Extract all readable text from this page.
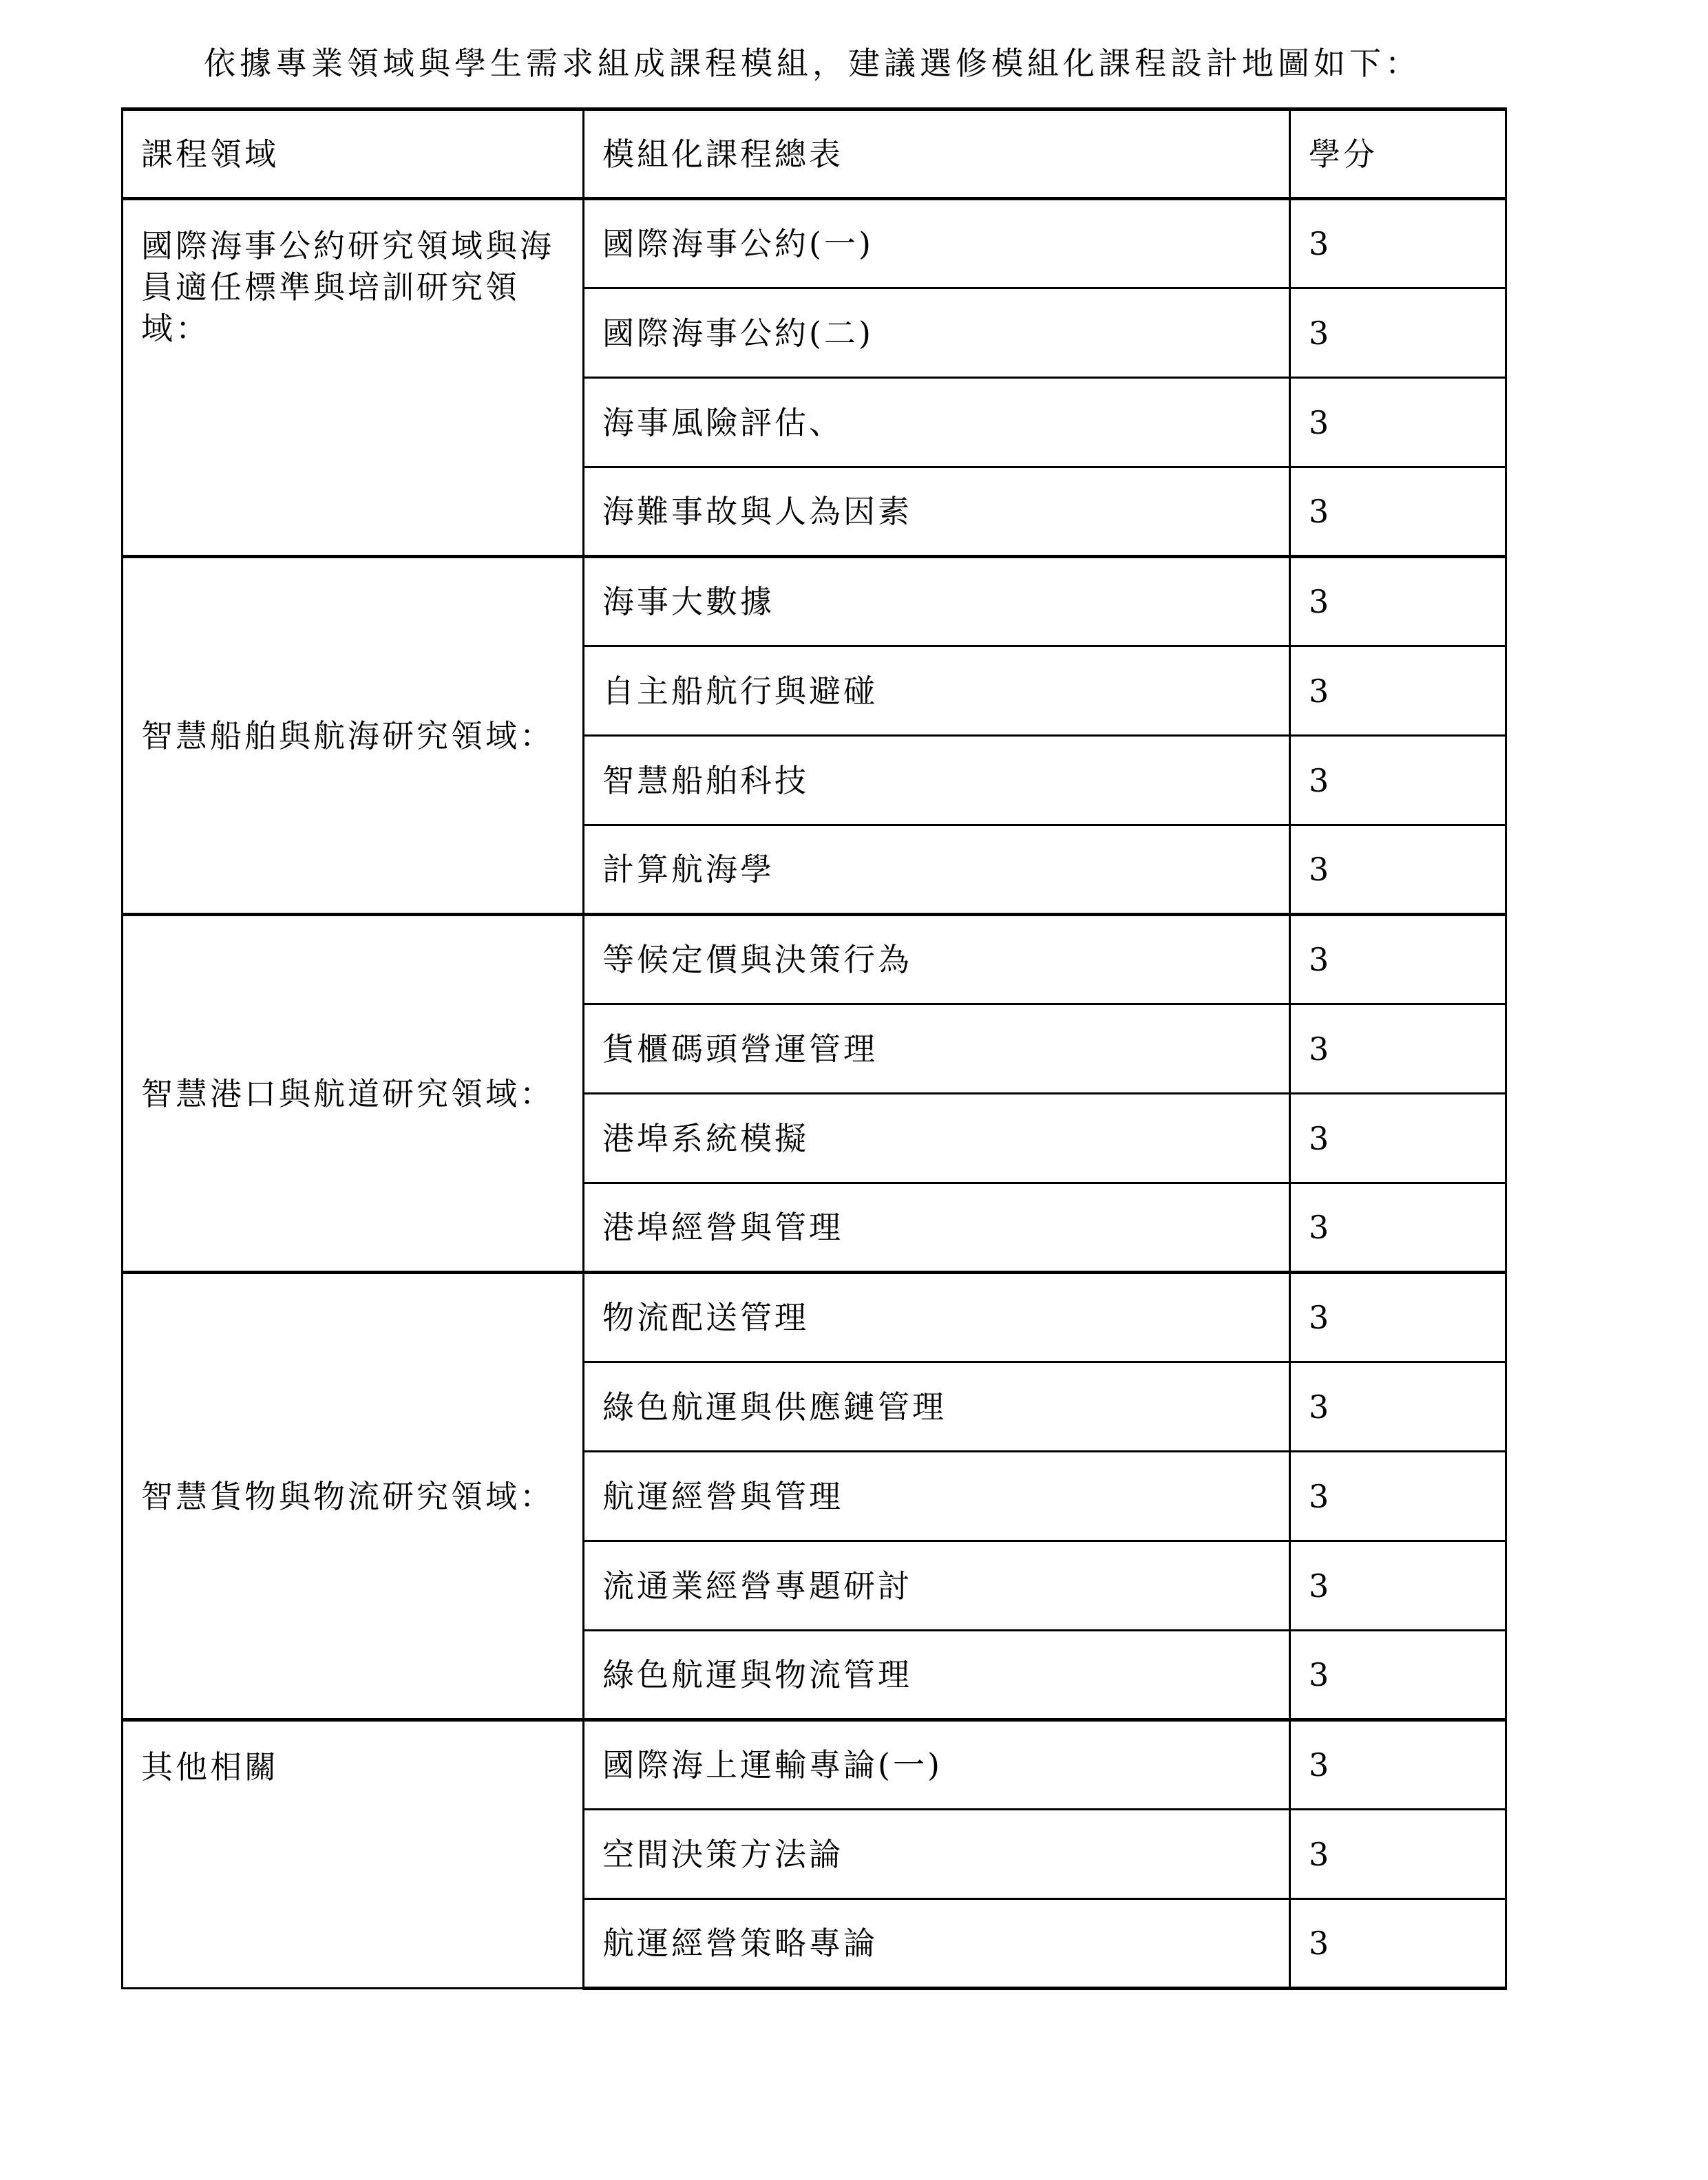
依據專業領域與學生需求組成課程模組，建議選修模組化課程設計地圖如下：
課程領域	模組化課程總表	學分
國際海事公約研究領域與海員適任標準與培訓研究領域：	國際海事公約(一)	3
	國際海事公約(二)	3
	海事風險評估、	3
	海難事故與人為因素	3
智慧船舶與航海研究領域：	海事大數據	3
	自主船航行與避碰	3
	智慧船舶科技	3
	計算航海學	3
智慧港口與航道研究領域：	等候定價與決策行為	3
	貨櫃碼頭營運管理	3
	港埠系統模擬	3
	港埠經營與管理	3
智慧貨物與物流研究領域：	物流配送管理	3
	綠色航運與供應鏈管理	3
	航運經營與管理	3
	流通業經營專題研討	3
	綠色航運與物流管理	3
其他相關	國際海上運輸專論(一)	3
	空間決策方法論	3
	航運經營策略專論	3
